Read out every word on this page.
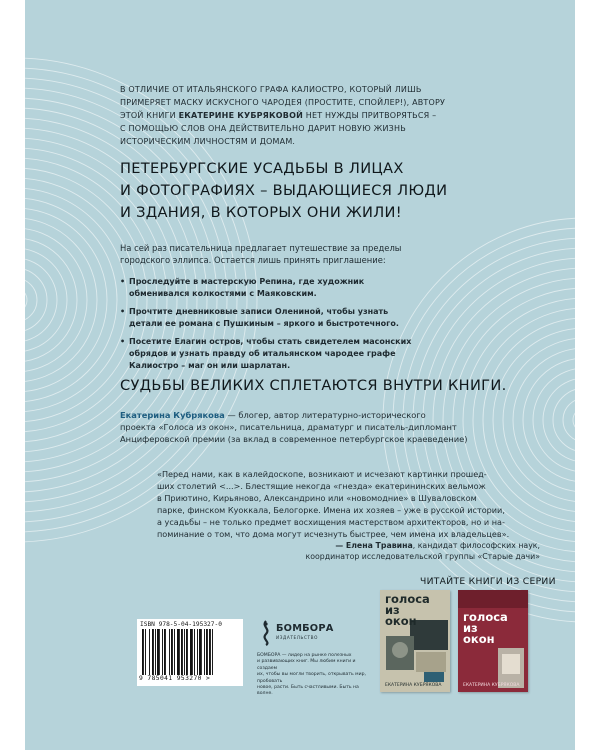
В ОТЛИЧИЕ ОТ ИТАЛЬЯНСКОГО ГРАФА КАЛИОСТРО, КОТОРЫЙ ЛИШЬ
ПРИМЕРЯЕТ МАСКУ ИСКУСНОГО ЧАРОДЕЯ (ПРОСТИТЕ, СПОЙЛЕР!), АВТОРУ
ЭТОЙ КНИГИ ЕКАТЕРИНЕ КУБРЯКОВОЙ НЕТ НУЖДЫ ПРИТВОРЯТЬСЯ –
С ПОМОЩЬЮ СЛОВ ОНА ДЕЙСТВИТЕЛЬНО ДАРИТ НОВУЮ ЖИЗНЬ
ИСТОРИЧЕСКИМ ЛИЧНОСТЯМ И ДОМАМ.
ПЕТЕРБУРГСКИЕ УСАДЬБЫ В ЛИЦАХ
И ФОТОГРАФИЯХ – ВЫДАЮЩИЕСЯ ЛЮДИ
И ЗДАНИЯ, В КОТОРЫХ ОНИ ЖИЛИ!
На сей раз писательница предлагает путешествие за пределы
городского эллипса. Остается лишь принять приглашение:
• Проследуйте в мастерскую Репина, где художник
обменивался колкостями с Маяковским.
• Прочтите дневниковые записи Олениной, чтобы узнать
детали ее романа с Пушкиным – яркого и быстротечного.
• Посетите Елагин остров, чтобы стать свидетелем масонских
обрядов и узнать правду об итальянском чародее графе
Калиостро – маг он или шарлатан.
СУДЬБЫ ВЕЛИКИХ СПЛЕТАЮТСЯ ВНУТРИ КНИГИ.
Екатерина Кубрякова — блогер, автор литературно-исторического
проекта «Голоса из окон», писательница, драматург и писатель-дипломант
Анциферовской премии (за вклад в современное петербургское краеведение)
«Перед нами, как в калейдоскопе, возникают и исчезают картинки прошед-
ших столетий <...>. Блестящие некогда «гнезда» екатерининских вельмож
в Приютино, Кирьяново, Александрино или «новомодние» в Шуваловском
парке, финском Куоккала, Белогорке. Имена их хозяев – уже в русской истории,
а усадьбы – не только предмет восхищения мастерством архитекторов, но и на-
поминание о том, что дома могут исчезнуть быстрее, чем имена их владельцев».
— Елена Травина, кандидат философских наук,
координатор исследовательской группы «Старые дачи»
ЧИТАЙТЕ КНИГИ ИЗ СЕРИИ
голоса
из
окон
ЕКАТЕРИНА КУБРЯКОВА
голоса
из
окон
ЕКАТЕРИНА КУБРЯКОВА
ISBN 978-5-04-195327-0
9 785041 953270 >
БОМБОРА
ИЗДАТЕЛЬСТВО
БОМБОРА — лидер на рынке полезных
и развивающих книг. Мы любим книги и создаем
их, чтобы вы могли творить, открывать мир, пробовать
новое, расти. Быть счастливыми. Быть на волне.
